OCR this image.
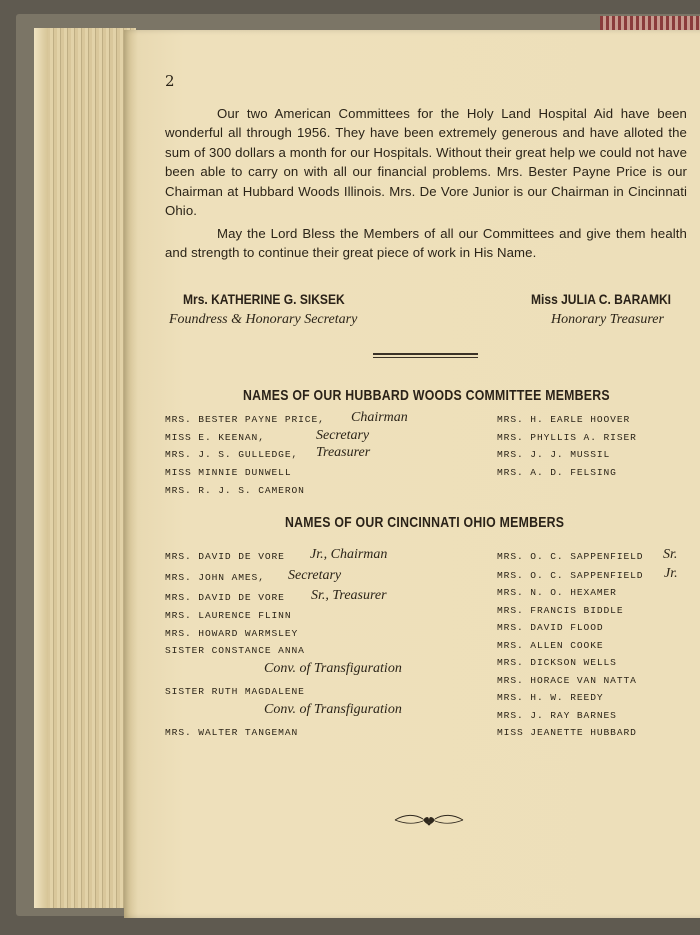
2
Our two American Committees for the Holy Land Hospital Aid have been wonderful all through 1956. They have been extremely generous and have alloted the sum of 300 dollars a month for our Hospitals. Without their great help we could not have been able to carry on with all our financial problems. Mrs. Bester Payne Price is our Chairman at Hubbard Woods Illinois. Mrs. De Vore Junior is our Chairman in Cincinnati Ohio.
May the Lord Bless the Members of all our Committees and give them health and strength to continue their great piece of work in His Name.
Mrs. KATHERINE G. SIKSEK
Foundress & Honorary Secretary
Miss JULIA C. BARAMKI
Honorary Treasurer
NAMES OF OUR HUBBARD WOODS COMMITTEE MEMBERS
MRS. BESTER PAYNE PRICE, Chairman
MISS E. KEENAN,	Secretary
MRS. J. S. GULLEDGE, Treasurer
MISS MINNIE DUNWELL
MRS. R. J. S. CAMERON
MRS. H. EARLE HOOVER
MRS. PHYLLIS A. RISER
MRS. J. J. MUSSIL
MRS. A. D. FELSING
NAMES OF OUR CINCINNATI OHIO MEMBERS
MRS. DAVID DE VORE Jr., Chairman
MRS. JOHN AMES, Secretary
MRS. DAVID DE VORE Sr., Treasurer
MRS. LAURENCE FLINN
MRS. HOWARD WARMSLEY
SISTER CONSTANCE ANNA
Conv. of Transfiguration
SISTER RUTH MAGDALENE
Conv. of Transfiguration
MRS. WALTER TANGEMAN
MRS. O. C. SAPPENFIELD Sr.
MRS. O. C. SAPPENFIELD Jr.
MRS. N. O. HEXAMER
MRS. FRANCIS BIDDLE
MRS. DAVID FLOOD
MRS. ALLEN COOKE
MRS. DICKSON WELLS
MRS. HORACE VAN NATTA
MRS. H. W. REEDY
MRS. J. RAY BARNES
MISS JEANETTE HUBBARD
